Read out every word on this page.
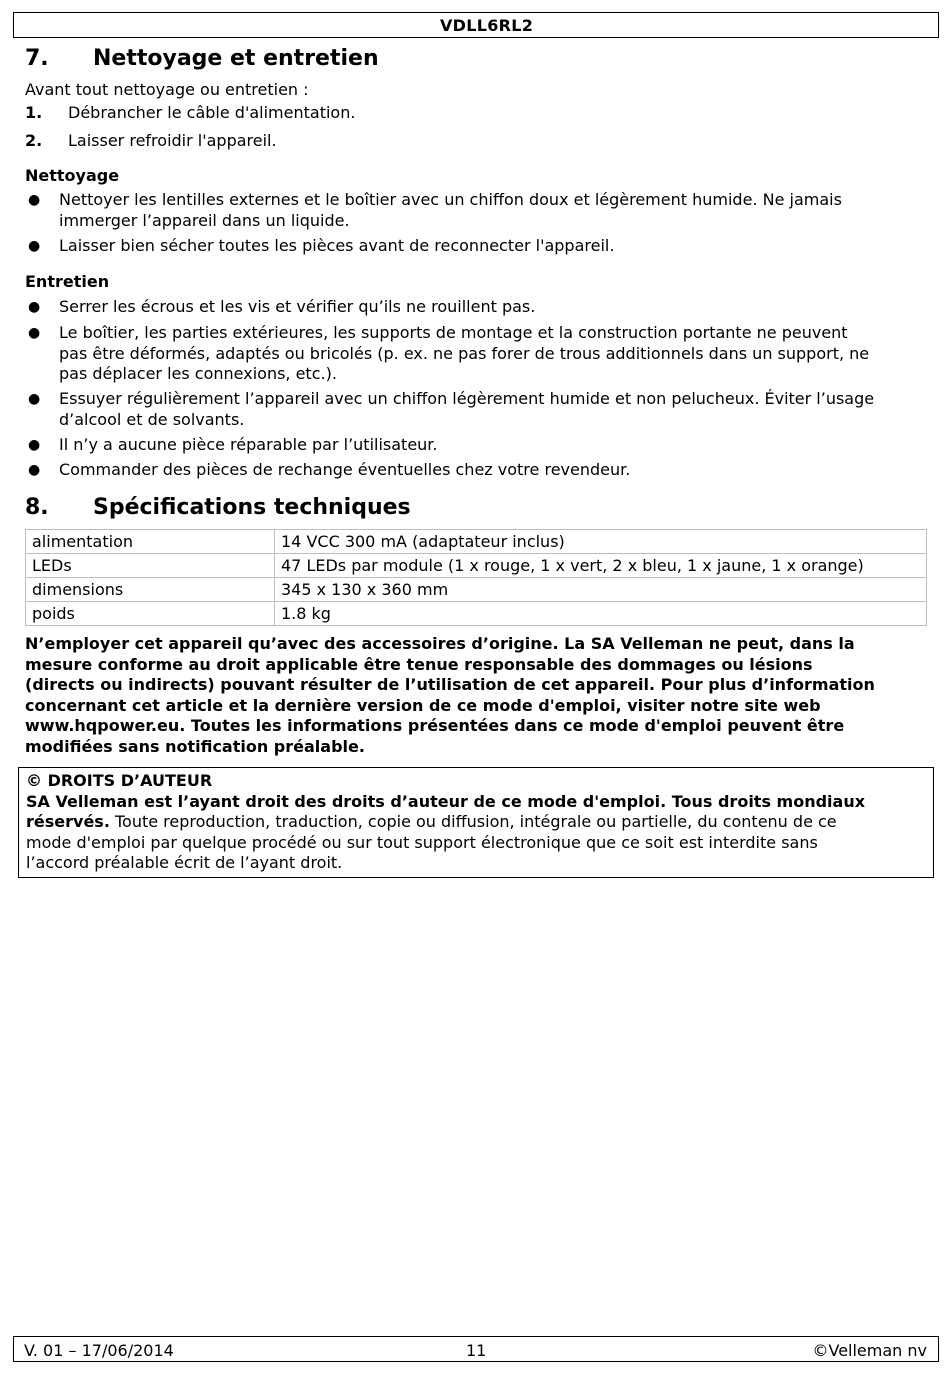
VDLL6RL2
7. Nettoyage et entretien
Avant tout nettoyage ou entretien :
1. Débrancher le câble d'alimentation.
2. Laisser refroidir l'appareil.
Nettoyage
● Nettoyer les lentilles externes et le boîtier avec un chiffon doux et légèrement humide. Ne jamais
immerger l’appareil dans un liquide.
● Laisser bien sécher toutes les pièces avant de reconnecter l'appareil.
Entretien
● Serrer les écrous et les vis et vérifier qu’ils ne rouillent pas.
● Le boîtier, les parties extérieures, les supports de montage et la construction portante ne peuvent
pas être déformés, adaptés ou bricolés (p. ex. ne pas forer de trous additionnels dans un support, ne
pas déplacer les connexions, etc.).
● Essuyer régulièrement l’appareil avec un chiffon légèrement humide et non pelucheux. Éviter l’usage
d’alcool et de solvants.
● Il n’y a aucune pièce réparable par l’utilisateur.
● Commander des pièces de rechange éventuelles chez votre revendeur.
8. Spécifications techniques
alimentation	14 VCC 300 mA (adaptateur inclus)
LEDs	47 LEDs par module (1 x rouge, 1 x vert, 2 x bleu, 1 x jaune, 1 x orange)
dimensions	345 x 130 x 360 mm
poids	1.8 kg
N’employer cet appareil qu’avec des accessoires d’origine. La SA Velleman ne peut, dans la
mesure conforme au droit applicable être tenue responsable des dommages ou lésions
(directs ou indirects) pouvant résulter de l’utilisation de cet appareil. Pour plus d’information
concernant cet article et la dernière version de ce mode d'emploi, visiter notre site web
www.hqpower.eu. Toutes les informations présentées dans ce mode d'emploi peuvent être
modifiées sans notification préalable.
© DROITS D’AUTEUR
SA Velleman est l’ayant droit des droits d’auteur de ce mode d'emploi. Tous droits mondiaux
réservés. Toute reproduction, traduction, copie ou diffusion, intégrale ou partielle, du contenu de ce
mode d'emploi par quelque procédé ou sur tout support électronique que ce soit est interdite sans
l’accord préalable écrit de l’ayant droit.
V. 01 – 17/06/2014	11	©Velleman nv
